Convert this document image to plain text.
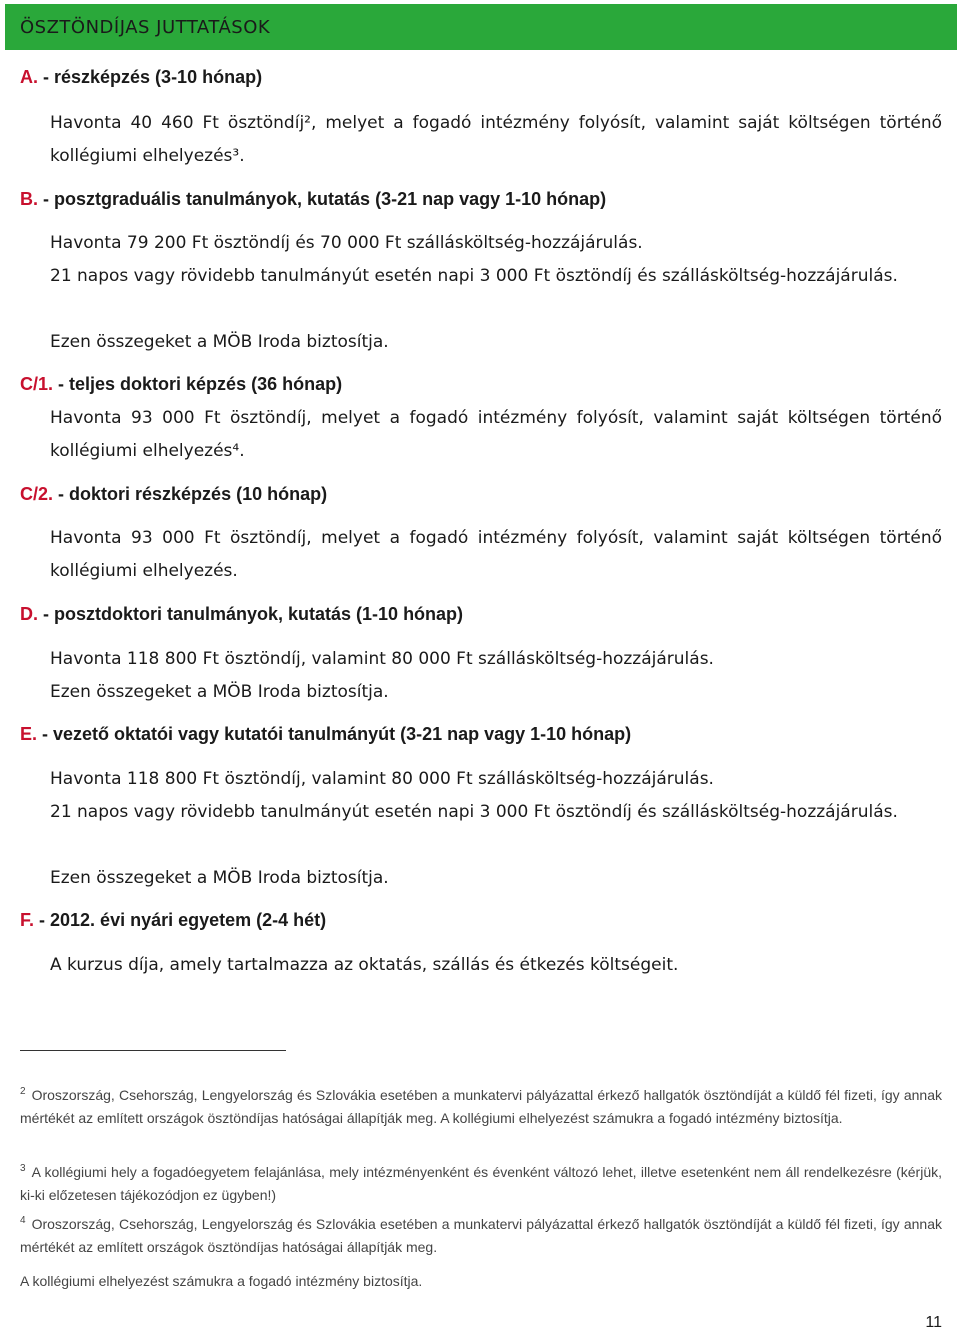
ÖSZTÖNDÍJAS JUTTATÁSOK
A. - részképzés (3-10 hónap)
Havonta 40 460 Ft ösztöndíj², melyet a fogadó intézmény folyósít, valamint saját költségen történő kollégiumi elhelyezés³.
B. - posztgraduális tanulmányok, kutatás (3-21 nap vagy 1-10 hónap)
Havonta 79 200 Ft ösztöndíj és 70 000 Ft szállásköltség-hozzájárulás.
21 napos vagy rövidebb tanulmányút esetén napi 3 000 Ft ösztöndíj és szállásköltség-hozzájárulás.
Ezen összegeket a MÖB Iroda biztosítja.
C/1. - teljes doktori képzés (36 hónap)
Havonta 93 000 Ft ösztöndíj, melyet a fogadó intézmény folyósít, valamint saját költségen történő kollégiumi elhelyezés⁴.
C/2. - doktori részképzés (10 hónap)
Havonta 93 000 Ft ösztöndíj, melyet a fogadó intézmény folyósít, valamint saját költségen történő kollégiumi elhelyezés.
D. - posztdoktori tanulmányok, kutatás (1-10 hónap)
Havonta 118 800 Ft ösztöndíj, valamint 80 000 Ft szállásköltség-hozzájárulás.
Ezen összegeket a MÖB Iroda biztosítja.
E. - vezető oktatói vagy kutatói tanulmányút (3-21 nap vagy 1-10 hónap)
Havonta 118 800 Ft ösztöndíj, valamint 80 000 Ft szállásköltség-hozzájárulás.
21 napos vagy rövidebb tanulmányút esetén napi 3 000 Ft ösztöndíj és szállásköltség-hozzájárulás.
Ezen összegeket a MÖB Iroda biztosítja.
F. - 2012. évi nyári egyetem (2-4 hét)
A kurzus díja, amely tartalmazza az oktatás, szállás és étkezés költségeit.
$^2$ Oroszország, Csehország, Lengyelország és Szlovákia esetében a munkatervi pályázattal érkező hallgatók ösztöndíját a küldő fél fizeti, így annak mértékét az említett országok ösztöndíjas hatóságai állapítják meg. A kollégiumi elhelyezést számukra a fogadó intézmény biztosítja.
$^3$ A kollégiumi hely a fogadóegyetem felajánlása, mely intézményenként és évenként változó lehet, illetve esetenként nem áll rendelkezésre (kérjük, ki-ki előzetesen tájékozódjon ez ügyben!)
$^4$ Oroszország, Csehország, Lengyelország és Szlovákia esetében a munkatervi pályázattal érkező hallgatók ösztöndíját a küldő fél fizeti, így annak mértékét az említett országok ösztöndíjas hatóságai állapítják meg.
A kollégiumi elhelyezést számukra a fogadó intézmény biztosítja.
11
